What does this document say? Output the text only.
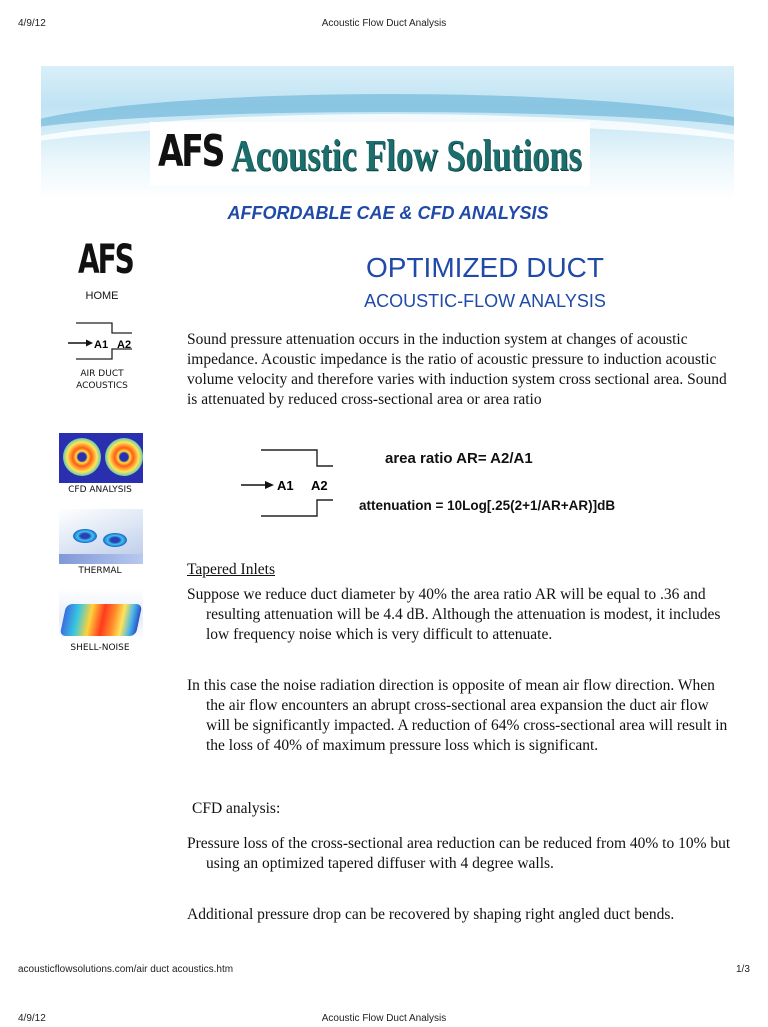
4/9/12	Acoustic Flow Duct Analysis
AFS Acoustic Flow Solutions
AFFORDABLE CAE & CFD ANALYSIS
AFS
HOME
A1 A2
AIR DUCT
ACOUSTICS
CFD ANALYSIS
THERMAL
SHELL-NOISE
OPTIMIZED DUCT
ACOUSTIC-FLOW ANALYSIS
Sound pressure attenuation occurs in the induction system at changes of acoustic impedance. Acoustic impedance is the ratio of acoustic pressure to induction acoustic volume velocity and therefore varies with induction system cross sectional area. Sound is attenuated by reduced cross-sectional area or area ratio
A1 A2
area ratio AR= A2/A1
attenuation = 10Log[.25(2+1/AR+AR)]dB
Tapered Inlets
Suppose we reduce duct diameter by 40% the area ratio AR will be equal to .36 and resulting attenuation will be 4.4 dB. Although the attenuation is modest, it includes low frequency noise which is very difficult to attenuate.
In this case the noise radiation direction is opposite of mean air flow direction. When the air flow encounters an abrupt cross-sectional area expansion the duct air flow will be significantly impacted. A reduction of 64% cross-sectional area will result in the loss of 40% of maximum pressure loss which is significant.
CFD analysis:
Pressure loss of the cross-sectional area reduction can be reduced from 40% to 10% but using an optimized tapered diffuser with 4 degree walls.
Additional pressure drop can be recovered by shaping right angled duct bends.
acousticflowsolutions.com/air duct acoustics.htm	1/3
4/9/12	Acoustic Flow Duct Analysis
